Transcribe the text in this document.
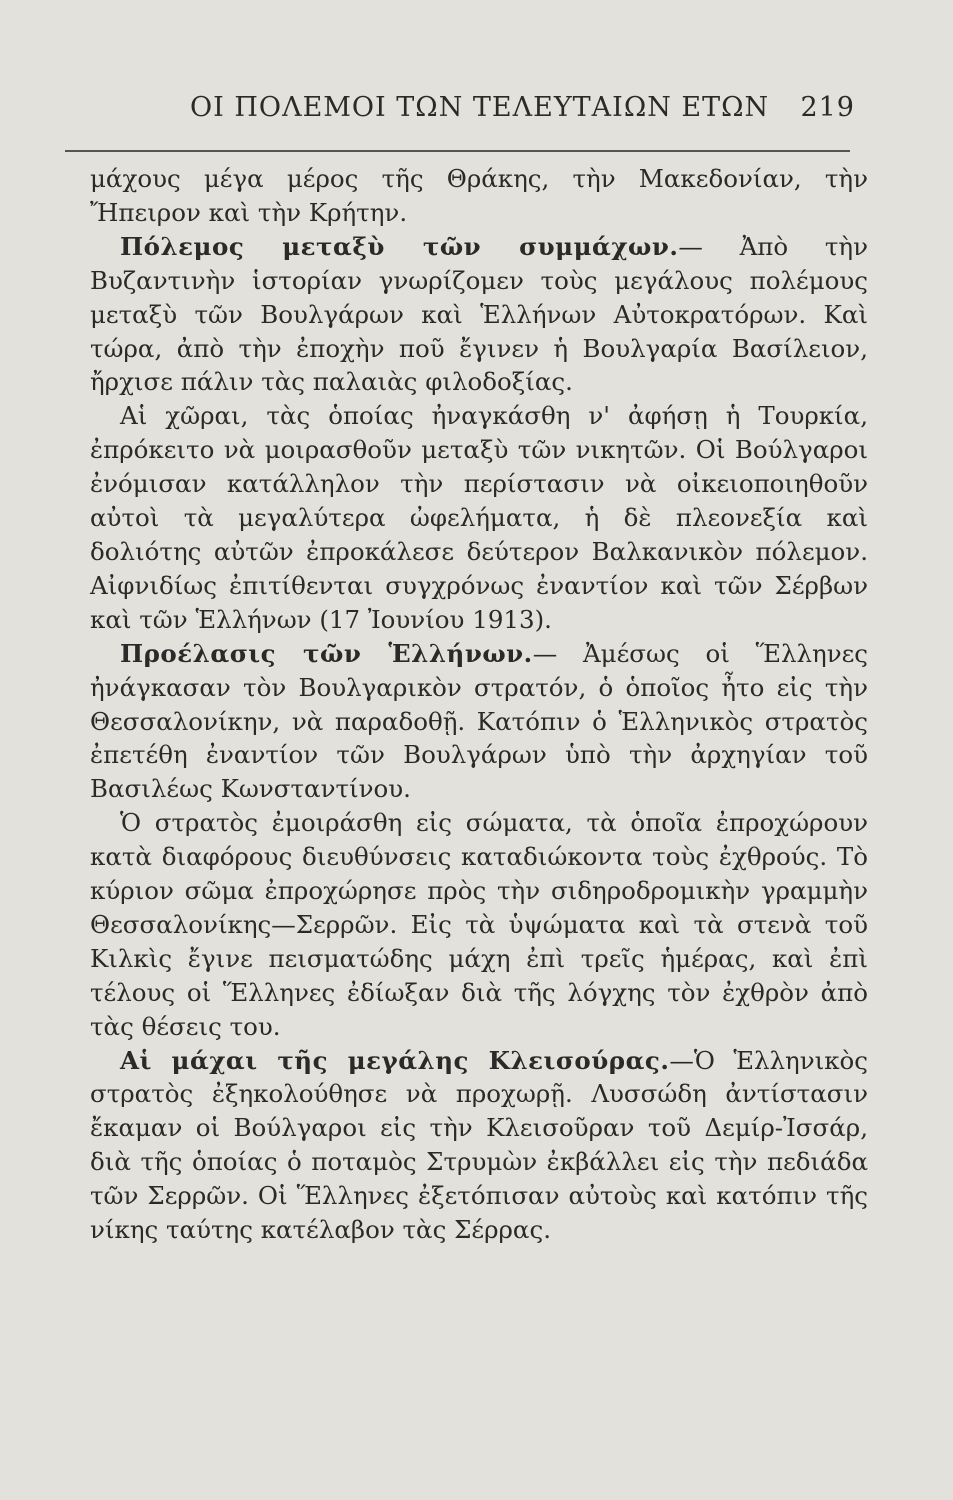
ΟΙ ΠΟΛΕΜΟΙ ΤΩΝ ΤΕΛΕΥΤΑΙΩΝ ΕΤΩΝ 219

μάχους μέγα μέρος τῆς Θράκης, τὴν Μακεδονίαν, τὴν Ἤπειρον καὶ τὴν Κρήτην.

Πόλεμος μεταξὺ τῶν συμμάχων.— Ἀπὸ τὴν Βυζαντινὴν ἱστορίαν γνωρίζομεν τοὺς μεγάλους πολέμους μεταξὺ τῶν Βουλγάρων καὶ Ἑλλήνων Αὐτοκρατόρων. Καὶ τώρα, ἀπὸ τὴν ἐποχὴν ποῦ ἔγινεν ἡ Βουλγαρία Βασίλειον, ἤρχισε πάλιν τὰς παλαιὰς φιλοδοξίας.

Αἱ χῶραι, τὰς ὁποίας ἠναγκάσθη ν' ἀφήσῃ ἡ Τουρκία, ἐπρόκειτο νὰ μοιρασθοῦν μεταξὺ τῶν νικητῶν. Οἱ Βούλγαροι ἐνόμισαν κατάλληλον τὴν περίστασιν νὰ οἰκειοποιηθοῦν αὐτοὶ τὰ μεγαλύτερα ὠφελήματα, ἡ δὲ πλεονεξία καὶ δολιότης αὐτῶν ἐπροκάλεσε δεύτερον Βαλκανικὸν πόλεμον. Αἰφνιδίως ἐπιτίθενται συγχρόνως ἐναντίον καὶ τῶν Σέρβων καὶ τῶν Ἑλλήνων (17 Ἰουνίου 1913).

Προέλασις τῶν Ἑλλήνων.— Ἀμέσως οἱ Ἕλληνες ἠνάγκασαν τὸν Βουλγαρικὸν στρατόν, ὁ ὁποῖος ἦτο εἰς τὴν Θεσσαλονίκην, νὰ παραδοθῇ. Κατόπιν ὁ Ἑλληνικὸς στρατὸς ἐπετέθη ἐναντίον τῶν Βουλγάρων ὑπὸ τὴν ἀρχηγίαν τοῦ Βασιλέως Κωνσταντίνου.

Ὁ στρατὸς ἐμοιράσθη εἰς σώματα, τὰ ὁποῖα ἐπροχώρουν κατὰ διαφόρους διευθύνσεις καταδιώκοντα τοὺς ἐχθρούς. Τὸ κύριον σῶμα ἐπροχώρησε πρὸς τὴν σιδηροδρομικὴν γραμμὴν Θεσσαλονίκης—Σερρῶν. Εἰς τὰ ὑψώματα καὶ τὰ στενὰ τοῦ Κιλκὶς ἔγινε πεισματώδης μάχη ἐπὶ τρεῖς ἡμέρας, καὶ ἐπὶ τέλους οἱ Ἕλληνες ἐδίωξαν διὰ τῆς λόγχης τὸν ἐχθρὸν ἀπὸ τὰς θέσεις του.

Αἱ μάχαι τῆς μεγάλης Κλεισούρας.—Ὁ Ἑλληνικὸς στρατὸς ἐξηκολούθησε νὰ προχωρῇ. Λυσσώδη ἀντίστασιν ἔκαμαν οἱ Βούλγαροι εἰς τὴν Κλεισοῦραν τοῦ Δεμίρ-Ἰσσάρ, διὰ τῆς ὁποίας ὁ ποταμὸς Στρυμὼν ἐκβάλλει εἰς τὴν πεδιάδα τῶν Σερρῶν. Οἱ Ἕλληνες ἐξετόπισαν αὐτοὺς καὶ κατόπιν τῆς νίκης ταύτης κατέλαβον τὰς Σέρρας.
